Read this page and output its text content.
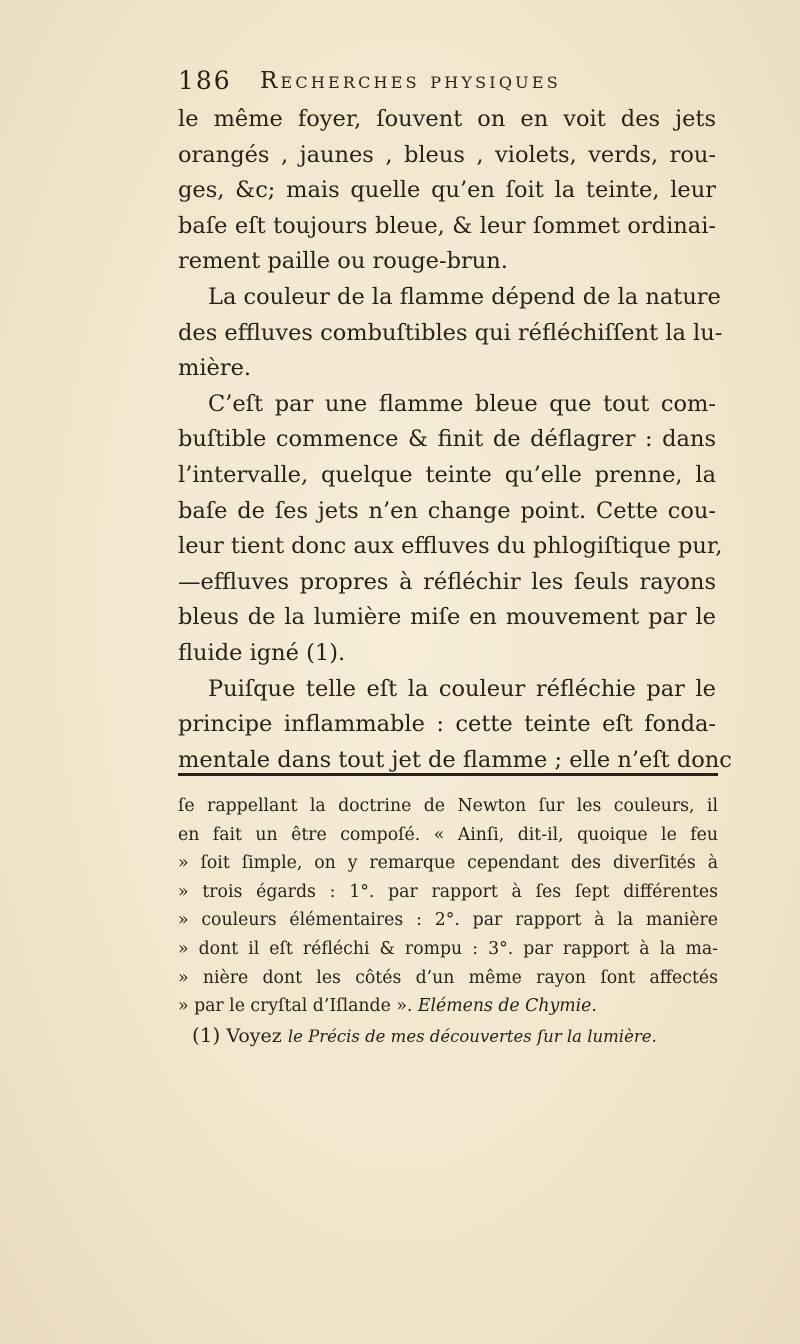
186 Recherches physiques
le même foyer, ſouvent on en voit des jets
orangés , jaunes , bleus , violets, verds, rou-
ges, &c; mais quelle qu’en ſoit la teinte, leur
baſe eſt toujours bleue, & leur ſommet ordinai-
rement paille ou rouge-brun.
La couleur de la flamme dépend de la nature
des effluves combuſtibles qui réfléchiſſent la lu-
mière.
C’eſt par une flamme bleue que tout com-
buſtible commence & finit de déflagrer : dans
l’intervalle, quelque teinte qu’elle prenne, la
baſe de ſes jets n’en change point. Cette cou-
leur tient donc aux effluves du phlogiſtique pur,
—effluves propres à réfléchir les ſeuls rayons
bleus de la lumière miſe en mouvement par le
fluide igné (1).
Puiſque telle eſt la couleur réfléchie par le
principe inflammable : cette teinte eſt fonda-
mentale dans tout jet de flamme ; elle n’eſt donc
ſe rappellant la doctrine de Newton ſur les couleurs, il
en fait un être compoſé. « Ainſi, dit-il, quoique le feu
» ſoit ſimple, on y remarque cependant des diverſités à
» trois égards : 1°. par rapport à ſes ſept différentes
» couleurs élémentaires : 2°. par rapport à la manière
» dont il eſt réfléchi & rompu : 3°. par rapport à la ma-
» nière dont les côtés d’un même rayon ſont affectés
» par le cryſtal d’Iſlande ». Elémens de Chymie.
(1) Voyez le Précis de mes découvertes ſur la lumière.
